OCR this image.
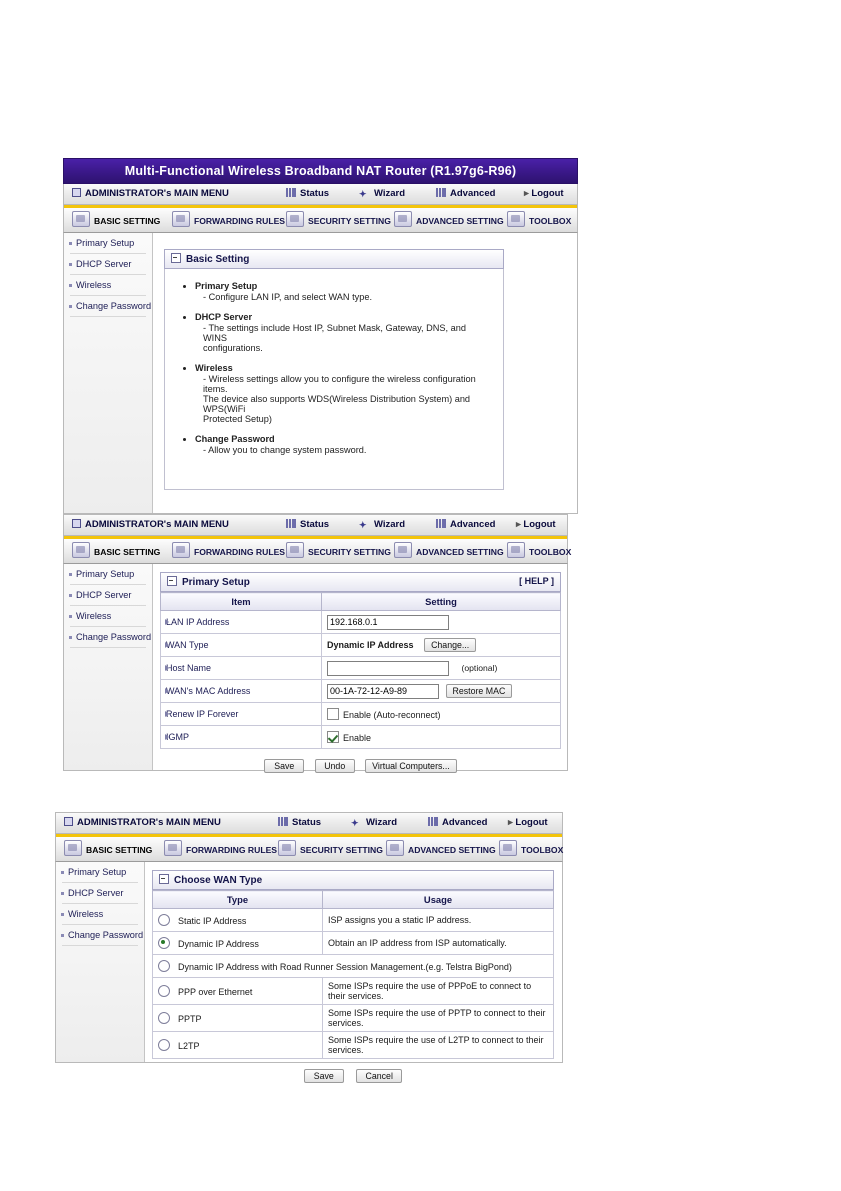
Multi-Functional Wireless Broadband NAT Router (R1.97g6-R96)
ADMINISTRATOR's MAIN MENU	Status	✦ Wizard	Advanced	▸ Logout
BASIC SETTING	FORWARDING RULES	SECURITY SETTING	ADVANCED SETTING	TOOLBOX
Primary Setup
DHCP Server
Wireless
Change Password
Basic Setting
• Primary Setup
- Configure LAN IP, and select WAN type.
• DHCP Server
- The settings include Host IP, Subnet Mask, Gateway, DNS, and WINS
configurations.
• Wireless
- Wireless settings allow you to configure the wireless configuration items.
The device also supports WDS(Wireless Distribution System) and WPS(WiFi
Protected Setup)
• Change Password
- Allow you to change system password.
ADMINISTRATOR's MAIN MENU	Status	✦ Wizard	Advanced ▸ Logout
BASIC SETTING	FORWARDING RULES	SECURITY SETTING	ADVANCED SETTING	TOOLBOX
Primary Setup
DHCP Server
Wireless
Change Password
Primary Setup	[ HELP ]
Item	Setting
LAN IP Address	192.168.0.1
WAN Type	Dynamic IP Address Change...
Host Name	(optional)
WAN's MAC Address	00-1A-72-12-A9-89Restore MAC
Renew IP Forever	Enable (Auto-reconnect)
IGMP	Enable
Save	Undo	Virtual Computers...
ADMINISTRATOR's MAIN MENU	Status	✦ Wizard	Advanced ▸ Logout
BASIC SETTING	FORWARDING RULES	SECURITY SETTING	ADVANCED SETTING	TOOLBOX
Primary Setup
DHCP Server
Wireless
Change Password
Choose WAN Type
Type	Usage
Static IP Address	ISP assigns you a static IP address.
Dynamic IP Address	Obtain an IP address from ISP automatically.
Dynamic IP Address with Road Runner Session Management.(e.g. Telstra BigPond)	
PPP over Ethernet	Some ISPs require the use of PPPoE to connect to their services.
PPTP	Some ISPs require the use of PPTP to connect to their services.
L2TP	Some ISPs require the use of L2TP to connect to their services.
Save	Cancel
